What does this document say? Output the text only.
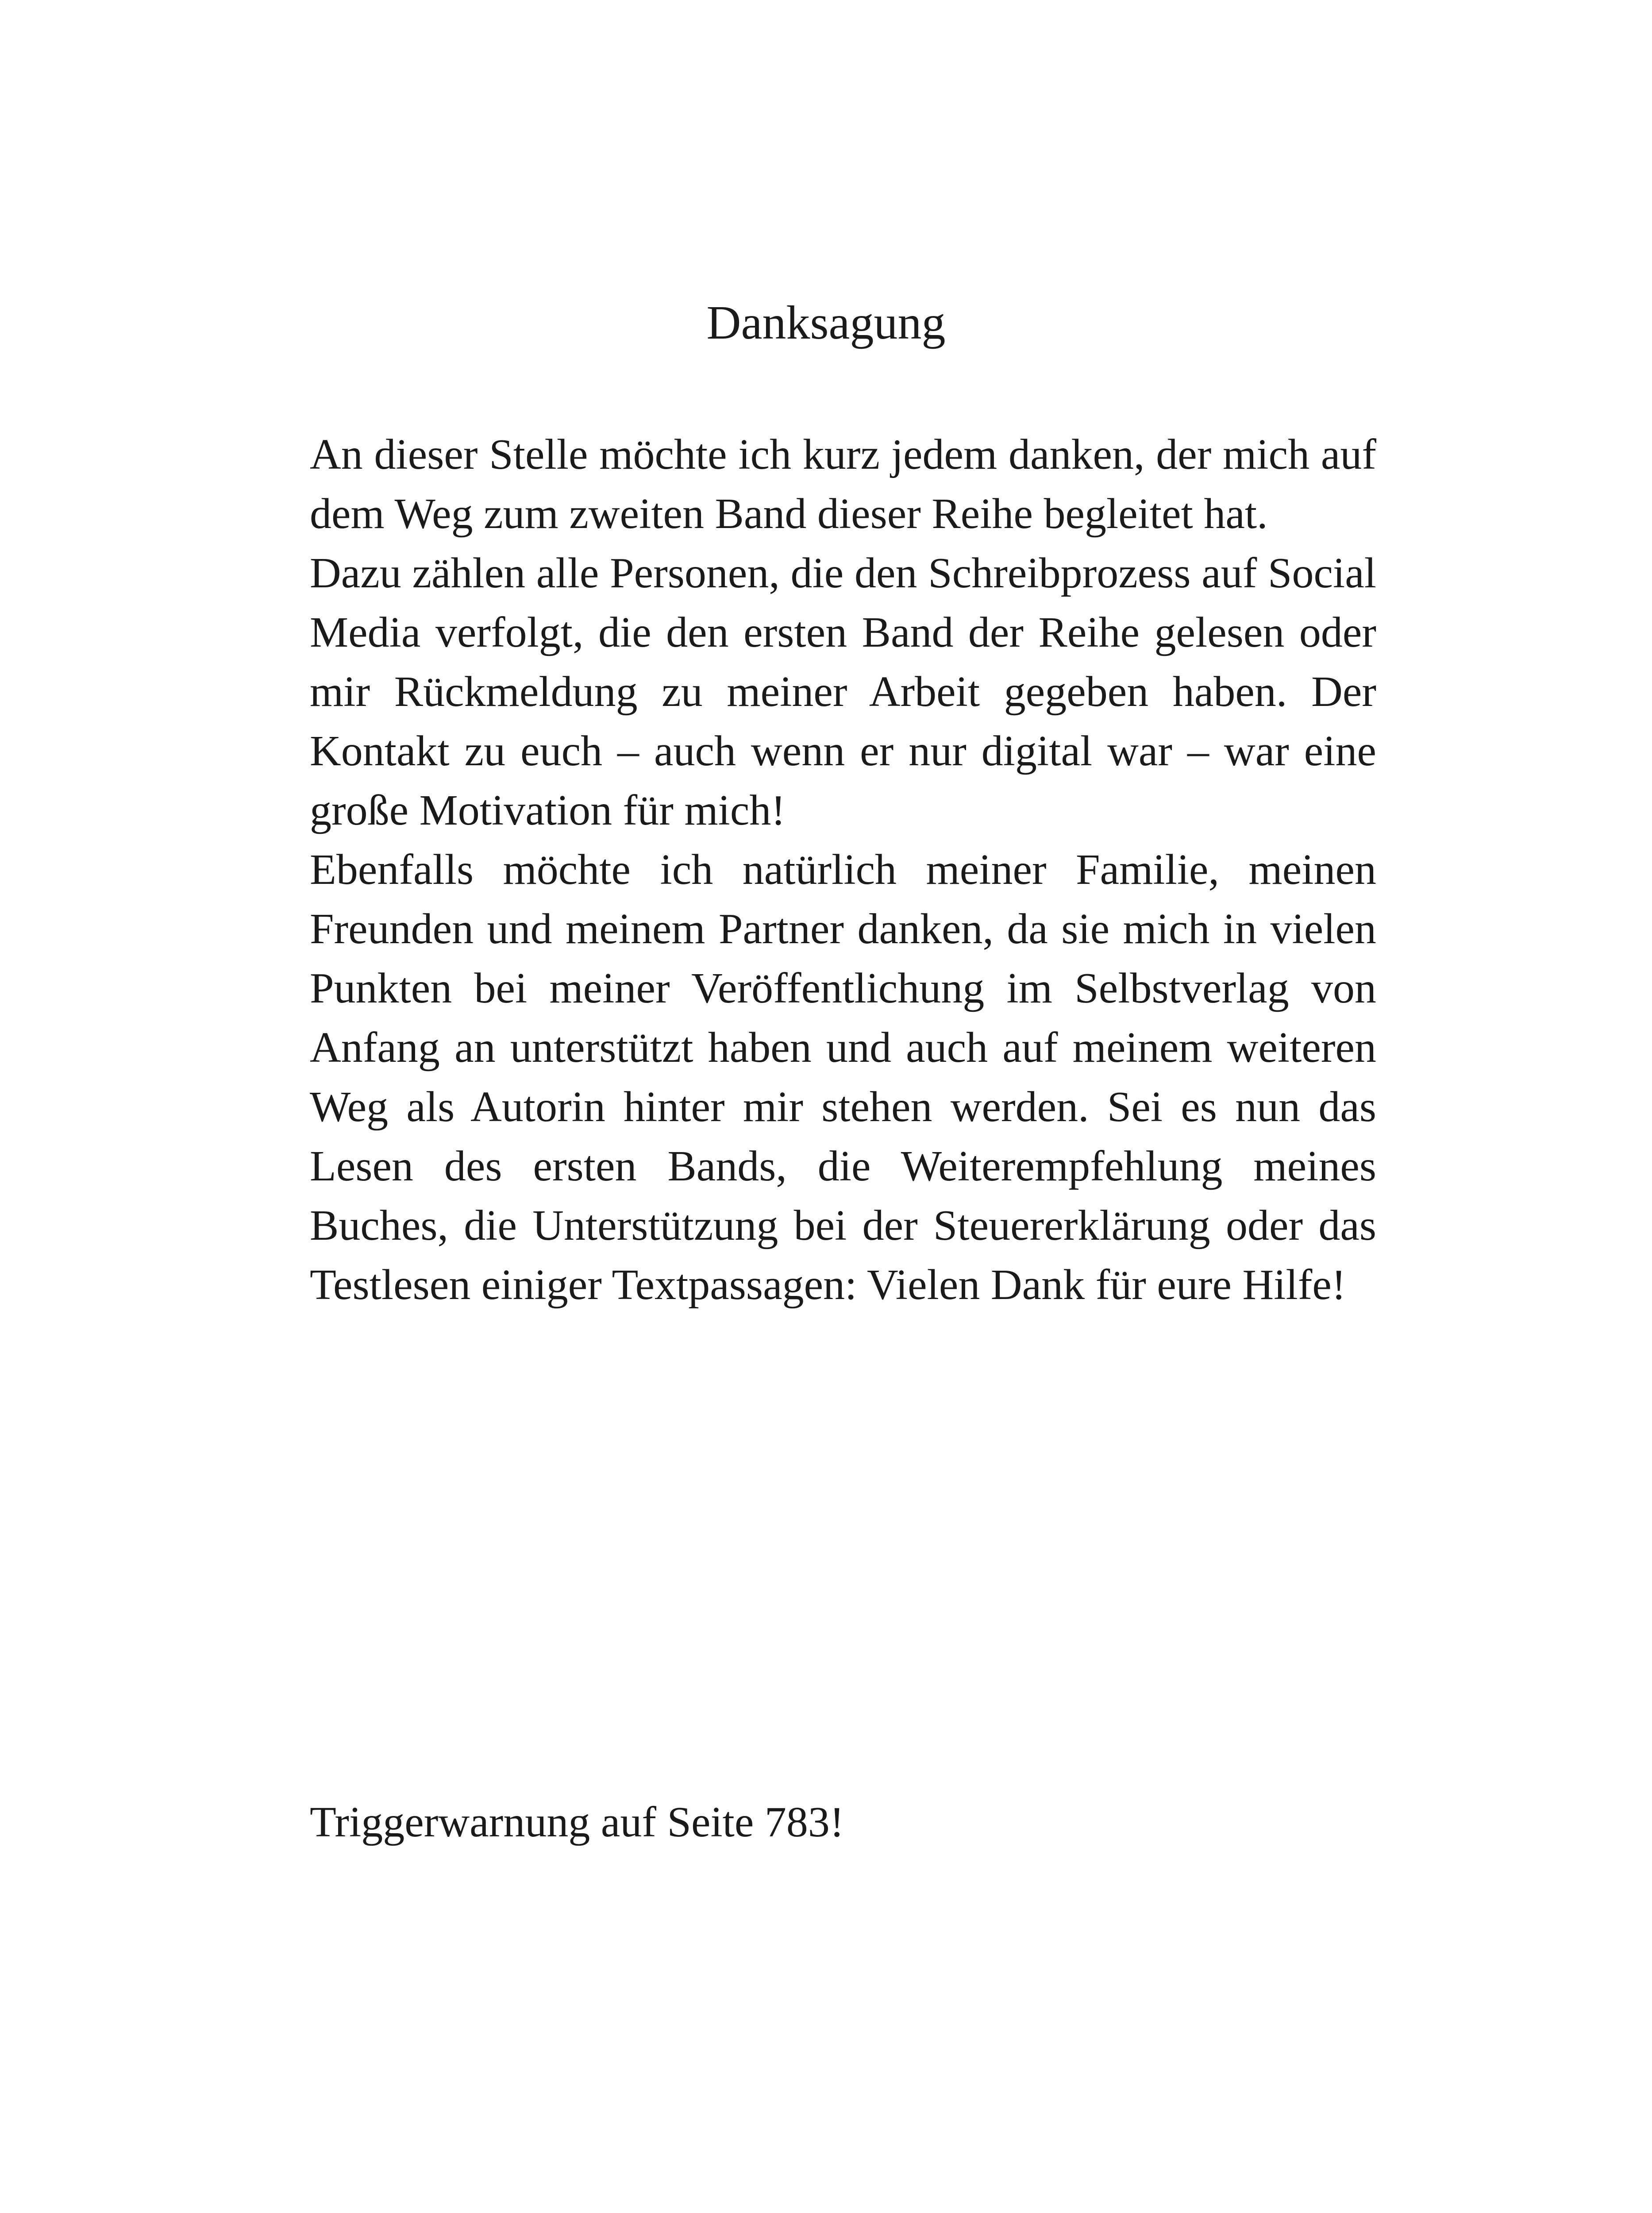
Danksagung

An dieser Stelle möchte ich kurz jedem danken, der mich auf dem Weg zum zweiten Band dieser Reihe begleitet hat.

Dazu zählen alle Personen, die den Schreibprozess auf Social Media verfolgt, die den ersten Band der Reihe gelesen oder mir Rückmeldung zu meiner Arbeit gegeben haben. Der Kontakt zu euch – auch wenn er nur digital war – war eine große Motivation für mich!

Ebenfalls möchte ich natürlich meiner Familie, meinen Freunden und meinem Partner danken, da sie mich in vielen Punkten bei meiner Veröffentlichung im Selbstverlag von Anfang an unterstützt haben und auch auf meinem weiteren Weg als Autorin hinter mir stehen werden. Sei es nun das Lesen des ersten Bands, die Weiterempfehlung meines Buches, die Unterstützung bei der Steuererklärung oder das Testlesen einiger Textpassagen: Vielen Dank für eure Hilfe!

Triggerwarnung auf Seite 783!
